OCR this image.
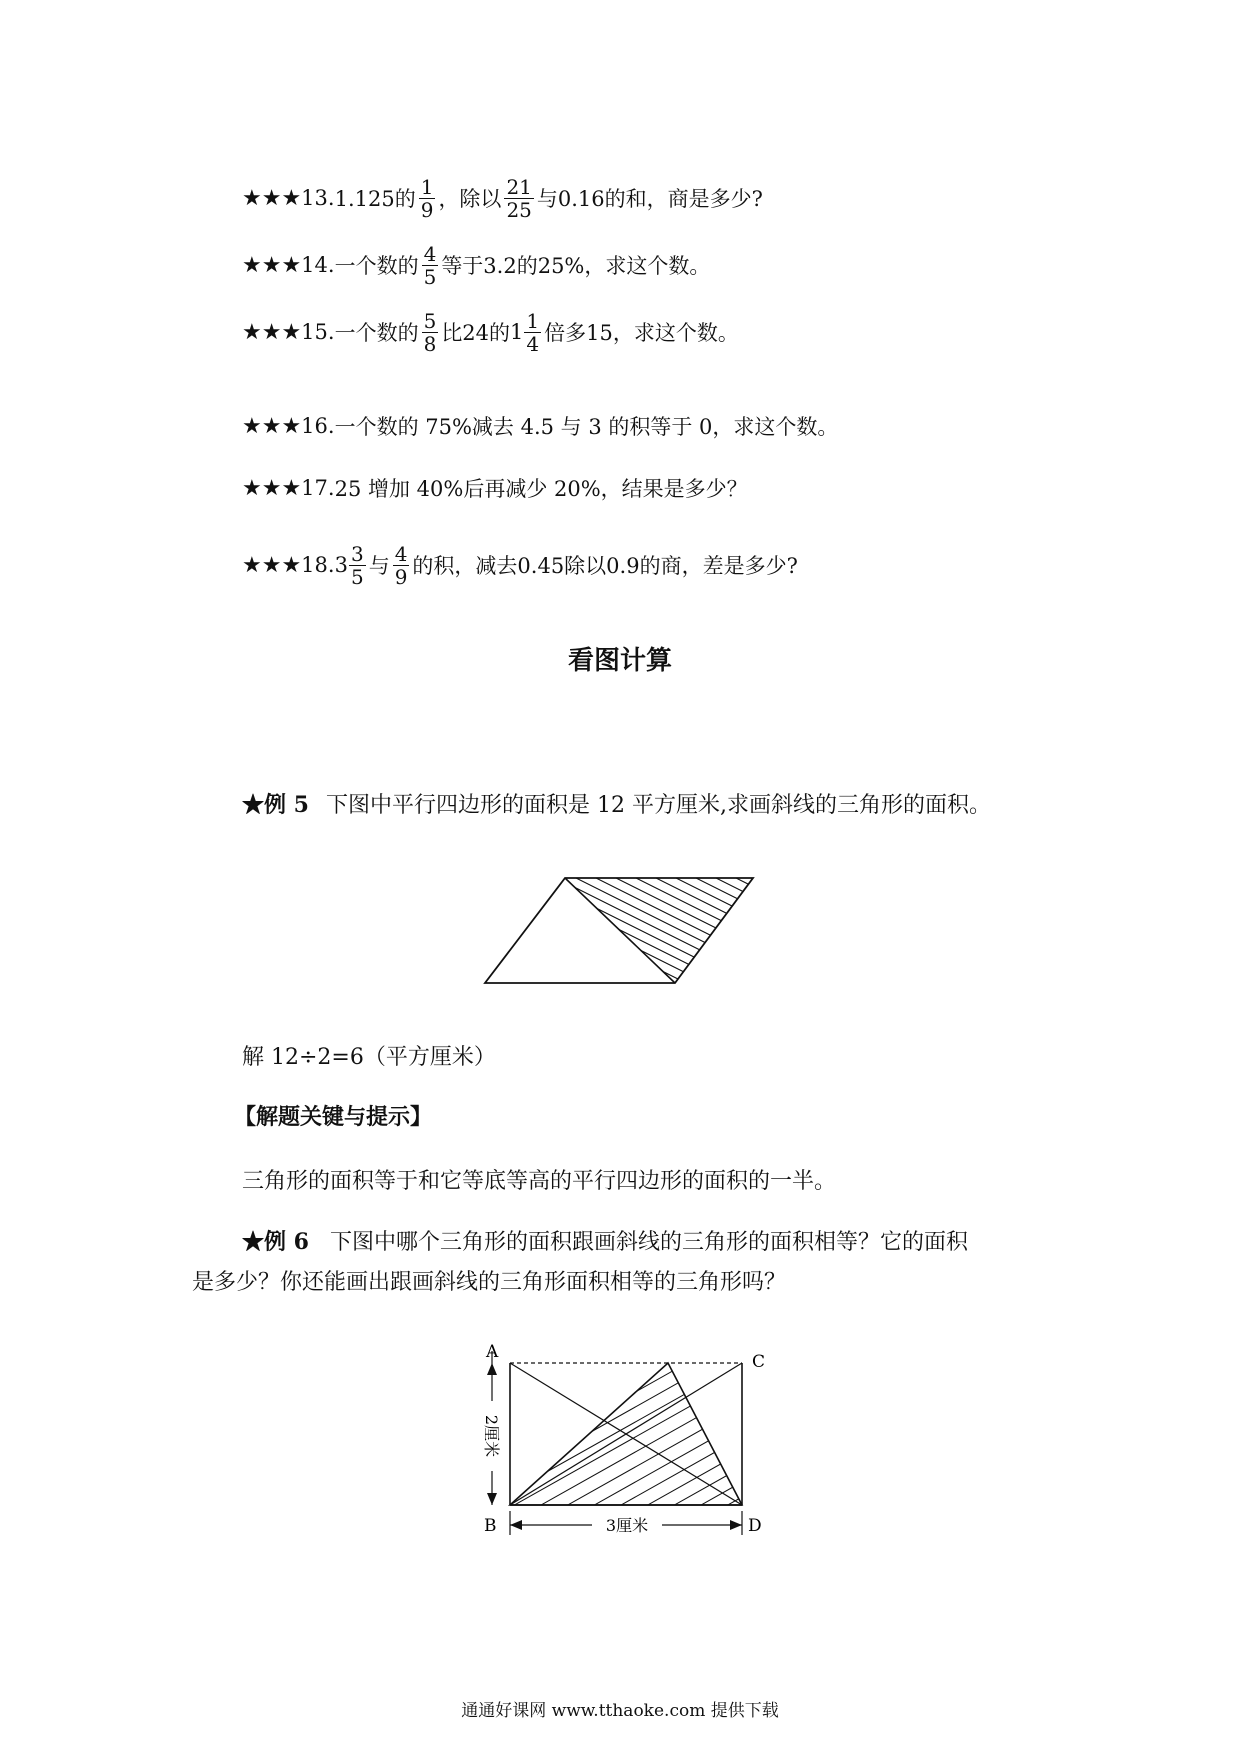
★★★ 13. 1.125的 $\frac{1}{9}$ ，除以 $\frac{21}{25}$ 与0.16的和，商是多少?
★★★ 14. 一个数的 $\frac{4}{5}$ 等于3.2的25%，求这个数。
★★★ 15. 一个数的 $\frac{5}{8}$ 比24的 $1 \frac{1}{4}$ 倍多15，求这个数。
★★★ 16. 一个数的 75%减去 4.5 与 3 的积等于 0，求这个数。
★★★ 17. 25 增加 40%后再减少 20%，结果是多少？
★★★ 18. $3 \frac{3}{5}$ 与 $\frac{4}{9}$ 的积，减去0.45除以0.9的商，差是多少?
看图计算
★例 5 下图中平行四边形的面积是 12 平方厘米,求画斜线的三角形的面积。
解 12÷2=6（平方厘米）
【解题关键与提示】
三角形的面积等于和它等底等高的平行四边形的面积的一半。
★例 6 下图中哪个三角形的面积跟画斜线的三角形的面积相等？它的面积
是多少？你还能画出跟画斜线的三角形面积相等的三角形吗？
A	C
B	D
3厘米
2厘米
通通好课网 www.tthaoke.com 提供下载
